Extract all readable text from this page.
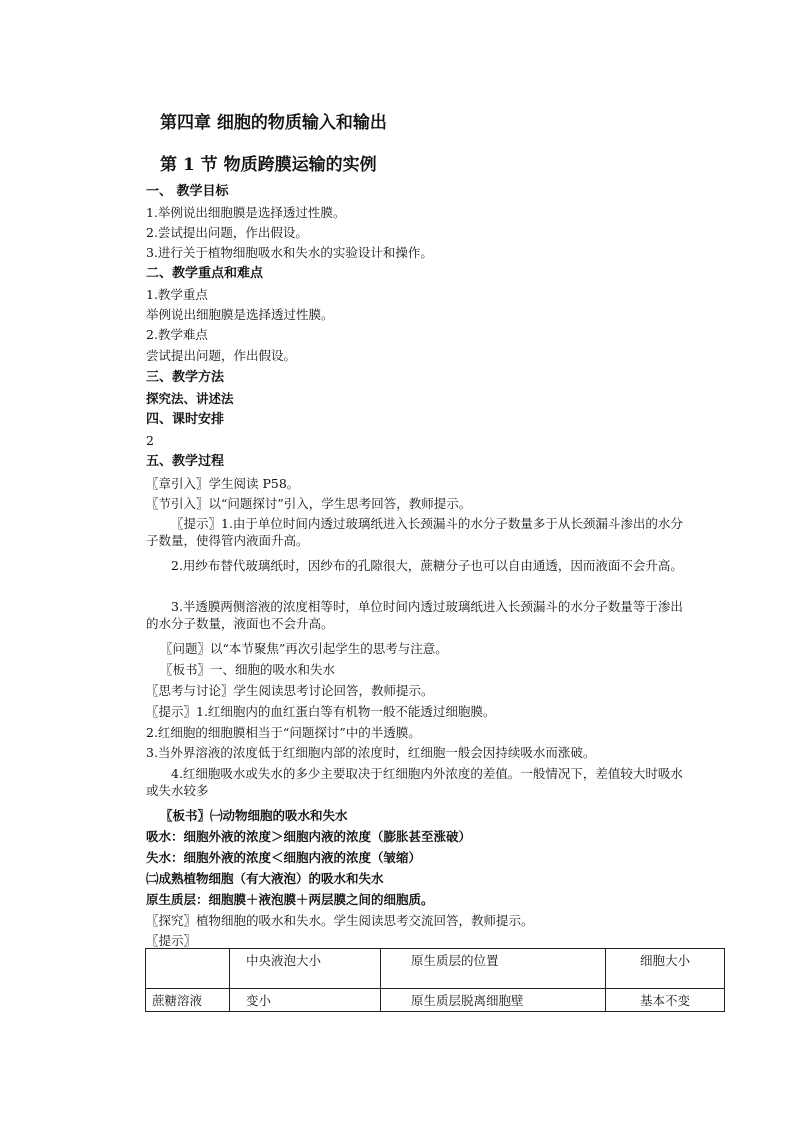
第四章 细胞的物质输入和输出
第 1 节 物质跨膜运输的实例
一、 教学目标
1.举例说出细胞膜是选择透过性膜。
2.尝试提出问题，作出假设。
3.进行关于植物细胞吸水和失水的实验设计和操作。
二、教学重点和难点
1.教学重点
举例说出细胞膜是选择透过性膜。
2.教学难点
尝试提出问题，作出假设。
三、教学方法
探究法、讲述法
四、课时安排
2
五、教学过程
〖章引入〗学生阅读 P58。
〖节引入〗以“问题探讨”引入，学生思考回答，教师提示。
〖提示〗1.由于单位时间内透过玻璃纸进入长颈漏斗的水分子数量多于从长颈漏斗渗出的水分子数量，使得管内液面升高。
2.用纱布替代玻璃纸时，因纱布的孔隙很大，蔗糖分子也可以自由通透，因而液面不会升高。
3.半透膜两侧溶液的浓度相等时，单位时间内透过玻璃纸进入长颈漏斗的水分子数量等于渗出的水分子数量，液面也不会升高。
〖问题〗以“本节聚焦”再次引起学生的思考与注意。
〖板书〗一、细胞的吸水和失水
〖思考与讨论〗学生阅读思考讨论回答，教师提示。
〖提示〗1.红细胞内的血红蛋白等有机物一般不能透过细胞膜。
2.红细胞的细胞膜相当于“问题探讨”中的半透膜。
3.当外界溶液的浓度低于红细胞内部的浓度时，红细胞一般会因持续吸水而涨破。
4.红细胞吸水或失水的多少主要取决于红细胞内外浓度的差值。一般情况下，差值较大时吸水或失水较多
〖板书〗㈠动物细胞的吸水和失水
吸水：细胞外液的浓度＞细胞内液的浓度（膨胀甚至涨破）
失水：细胞外液的浓度＜细胞内液的浓度（皱缩）
㈡成熟植物细胞（有大液泡）的吸水和失水
原生质层：细胞膜＋液泡膜＋两层膜之间的细胞质。
〖探究〗植物细胞的吸水和失水。学生阅读思考交流回答，教师提示。
〖提示〗
	中央液泡大小	原生质层的位置	细胞大小
蔗糖溶液	变小	原生质层脱离细胞壁	基本不变
